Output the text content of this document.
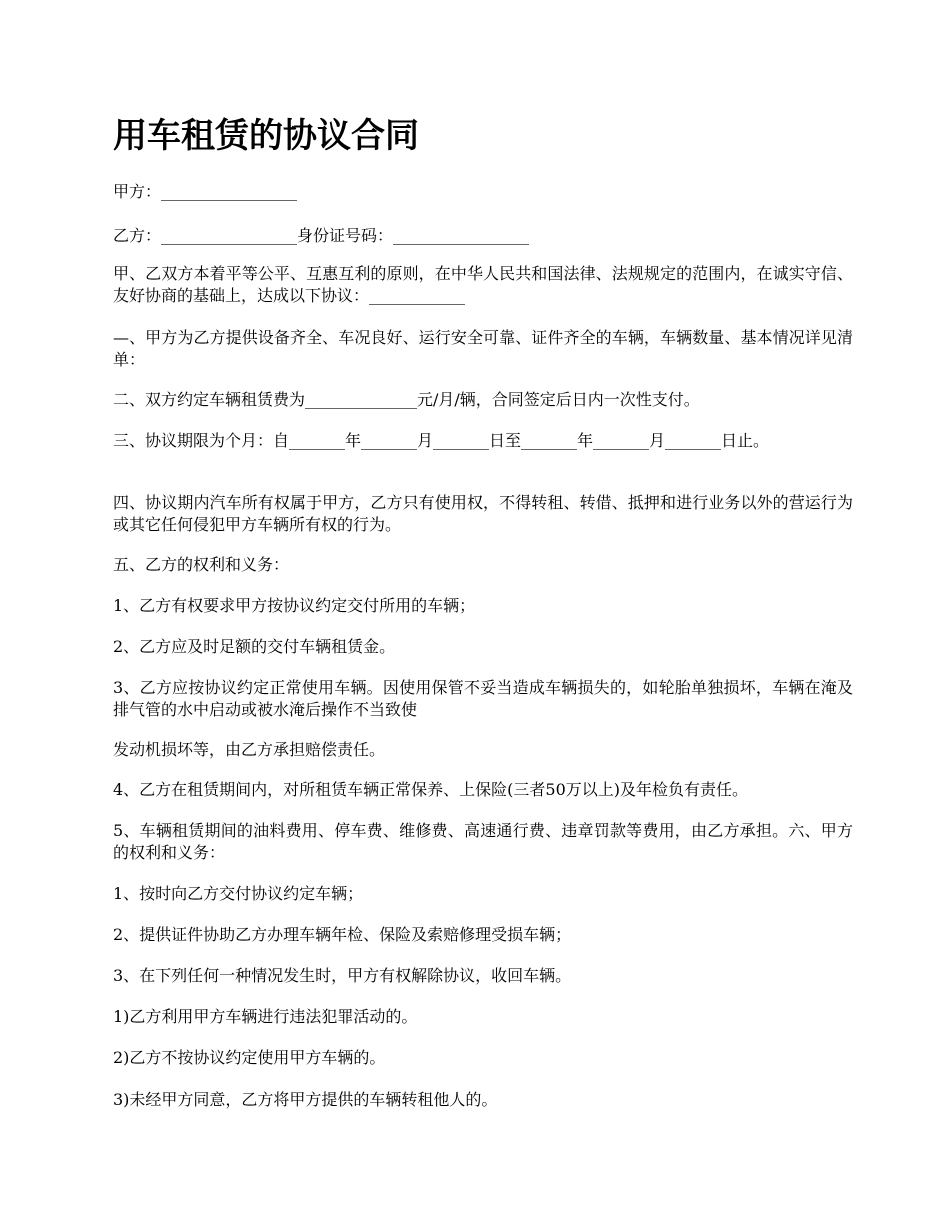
用车租赁的协议合同

甲方：_________________

乙方：_________________身份证号码：_________________

甲、乙双方本着平等公平、互惠互利的原则，在中华人民共和国法律、法规规定的范围内，在诚实守信、友好协商的基础上，达成以下协议：____________

—、甲方为乙方提供设备齐全、车况良好、运行安全可靠、证件齐全的车辆，车辆数量、基本情况详见清单：

二、双方约定车辆租赁费为______________元/月/辆，合同签定后日内一次性支付。

三、协议期限为个月：自_______年_______月_______日至_______年_______月_______日止。

四、协议期内汽车所有权属于甲方，乙方只有使用权，不得转租、转借、抵押和进行业务以外的营运行为或其它任何侵犯甲方车辆所有权的行为。

五、乙方的权利和义务：

1、乙方有权要求甲方按协议约定交付所用的车辆；

2、乙方应及时足额的交付车辆租赁金。

3、乙方应按协议约定正常使用车辆。因使用保管不妥当造成车辆损失的，如轮胎单独损坏，车辆在淹及排气管的水中启动或被水淹后操作不当致使

发动机损坏等，由乙方承担赔偿责任。

4、乙方在租赁期间内，对所租赁车辆正常保养、上保险(三者50万以上)及年检负有责任。

5、车辆租赁期间的油料费用、停车费、维修费、高速通行费、违章罚款等费用，由乙方承担。六、甲方的权利和义务：

1、按时向乙方交付协议约定车辆；

2、提供证件协助乙方办理车辆年检、保险及索赔修理受损车辆；

3、在下列任何一种情况发生时，甲方有权解除协议，收回车辆。

1)乙方利用甲方车辆进行违法犯罪活动的。

2)乙方不按协议约定使用甲方车辆的。

3)未经甲方同意，乙方将甲方提供的车辆转租他人的。
